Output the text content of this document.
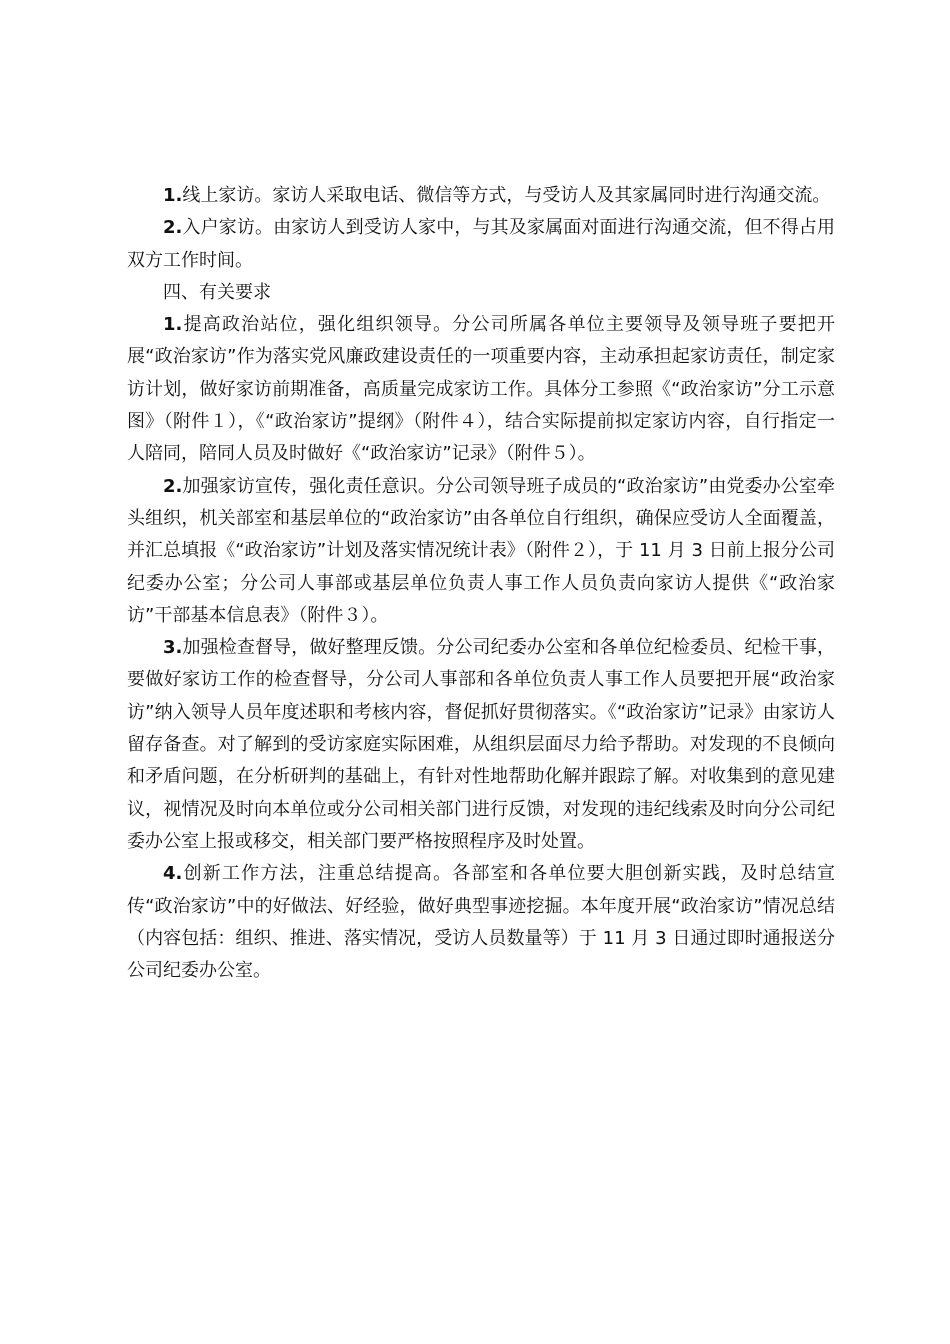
1.线上家访。家访人采取电话、微信等方式，与受访人及其家属同时进行沟通交流。

2.入户家访。由家访人到受访人家中，与其及家属面对面进行沟通交流，但不得占用双方工作时间。

四、有关要求

1.提高政治站位，强化组织领导。分公司所属各单位主要领导及领导班子要把开展“政治家访”作为落实党风廉政建设责任的一项重要内容，主动承担起家访责任，制定家访计划，做好家访前期准备，高质量完成家访工作。具体分工参照《“政治家访”分工示意图》（附件１），《“政治家访”提纲》（附件４），结合实际提前拟定家访内容，自行指定一人陪同，陪同人员及时做好《“政治家访”记录》（附件５）。

2.加强家访宣传，强化责任意识。分公司领导班子成员的“政治家访”由党委办公室牵头组织，机关部室和基层单位的“政治家访”由各单位自行组织，确保应受访人全面覆盖，并汇总填报《“政治家访”计划及落实情况统计表》（附件２），于 11 月 3 日前上报分公司纪委办公室；分公司人事部或基层单位负责人事工作人员负责向家访人提供《“政治家访”干部基本信息表》（附件３）。

3.加强检查督导，做好整理反馈。分公司纪委办公室和各单位纪检委员、纪检干事，要做好家访工作的检查督导，分公司人事部和各单位负责人事工作人员要把开展“政治家访”纳入领导人员年度述职和考核内容，督促抓好贯彻落实。《“政治家访”记录》由家访人留存备查。对了解到的受访家庭实际困难，从组织层面尽力给予帮助。对发现的不良倾向和矛盾问题，在分析研判的基础上，有针对性地帮助化解并跟踪了解。对收集到的意见建议，视情况及时向本单位或分公司相关部门进行反馈，对发现的违纪线索及时向分公司纪委办公室上报或移交，相关部门要严格按照程序及时处置。

4.创新工作方法，注重总结提高。各部室和各单位要大胆创新实践，及时总结宣传“政治家访”中的好做法、好经验，做好典型事迹挖掘。本年度开展“政治家访”情况总结（内容包括：组织、推进、落实情况，受访人员数量等）于 11 月 3 日通过即时通报送分公司纪委办公室。
